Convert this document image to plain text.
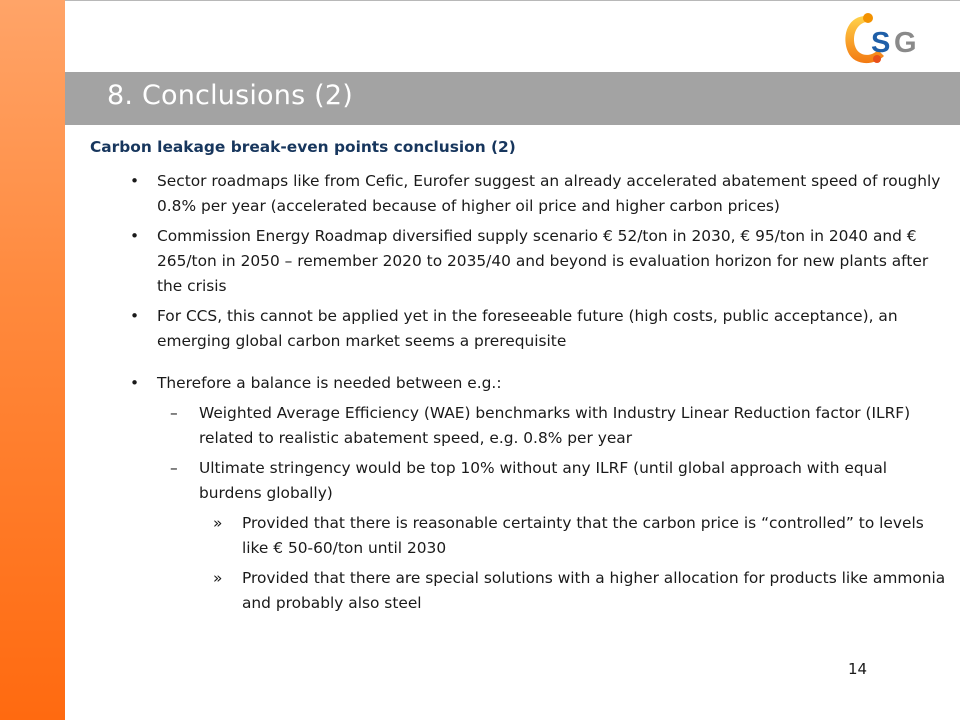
S G
8. Conclusions (2)
Carbon leakage break-even points conclusion (2)
• Sector roadmaps like from Cefic, Eurofer suggest an already accelerated abatement speed of roughly 0.8% per year (accelerated because of higher oil price and higher carbon prices)
• Commission Energy Roadmap diversified supply scenario € 52/ton in 2030, € 95/ton in 2040 and € 265/ton in 2050 – remember 2020 to 2035/40 and beyond is evaluation horizon for new plants after the crisis
• For CCS, this cannot be applied yet in the foreseeable future (high costs, public acceptance), an emerging global carbon market seems a prerequisite
• Therefore a balance is needed between e.g.:
– Weighted Average Efficiency (WAE) benchmarks with Industry Linear Reduction factor (ILRF) related to realistic abatement speed, e.g. 0.8% per year
– Ultimate stringency would be top 10% without any ILRF (until global approach with equal burdens globally)
» Provided that there is reasonable certainty that the carbon price is “controlled” to levels like € 50-60/ton until 2030
» Provided that there are special solutions with a higher allocation for products like ammonia and probably also steel
14
